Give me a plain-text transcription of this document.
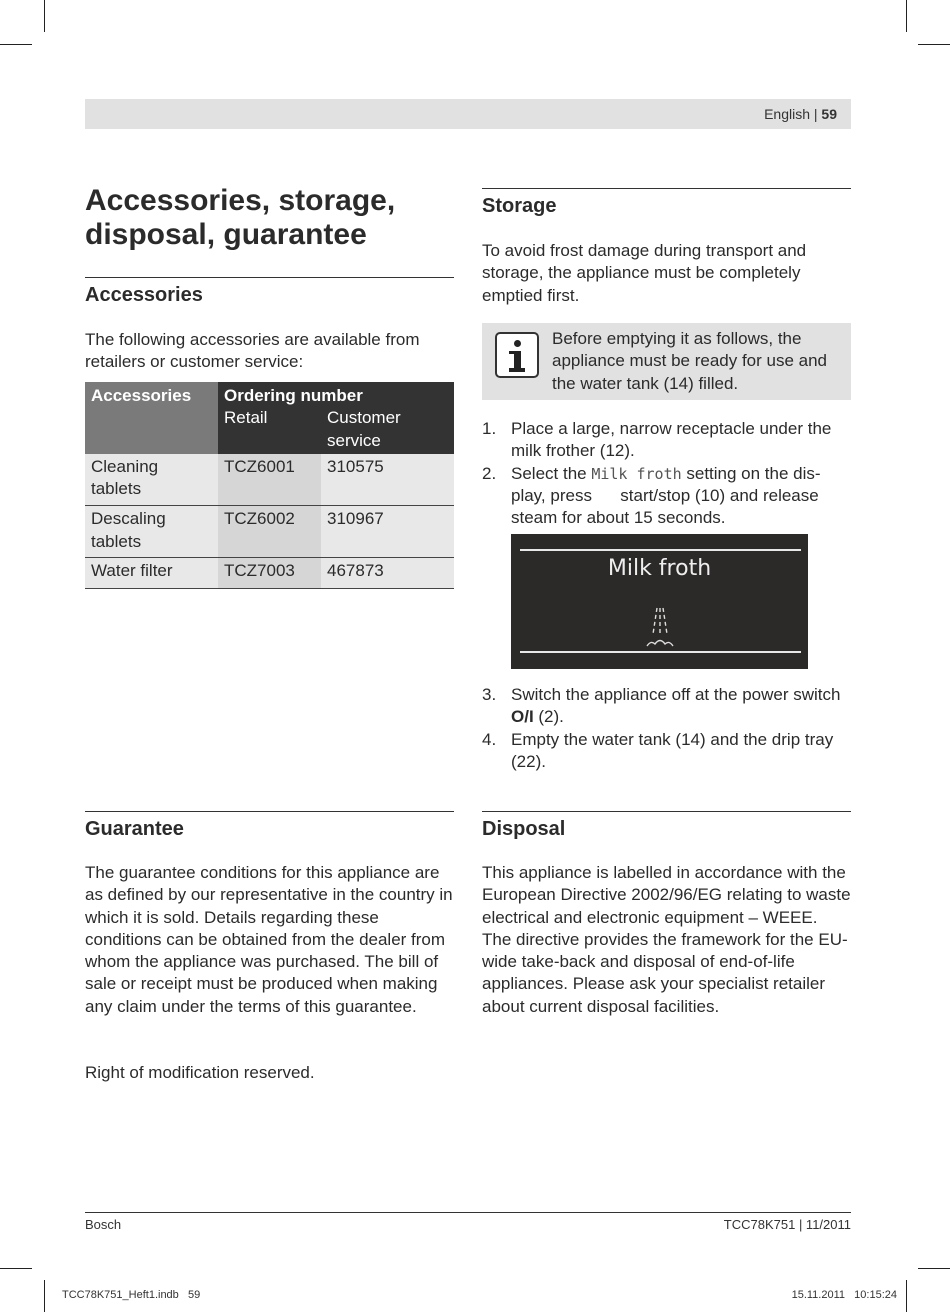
English | 59
Accessories, storage, disposal, guarantee
Accessories

The following accessories are available from retailers or customer service:

Accessories	Ordering number	
	Retail	Customer service
Cleaning tablets	TCZ6001	310575
Descaling tablets	TCZ6002	310967
Water filter	TCZ7003	467873
Storage

To avoid frost damage during transport and storage, the appliance must be completely emptied first.

Before emptying it as follows, the appliance must be ready for use and the water tank (14) filled.
1. Place a large, narrow receptacle under the milk frother (12).
2. Select the Milk froth setting on the dis-play, press      start/stop (10) and release steam for about 15 seconds.
Milk froth
3. Switch the appliance off at the power switch O/I (2).
4. Empty the water tank (14) and the drip tray (22).
Guarantee

The guarantee conditions for this appliance are as defined by our representative in the country in which it is sold. Details regarding these conditions can be obtained from the dealer from whom the appliance was purchased. The bill of sale or receipt must be produced when making any claim under the terms of this guarantee.

Right of modification reserved.

Disposal

This appliance is labelled in accordance with the European Directive 2002/96/EG relating to waste electrical and electronic equipment – WEEE. The directive provides the framework for the EU-wide take-back and disposal of end-of-life appliances. Please ask your specialist retailer about current disposal facilities.

Bosch	TCC78K751 | 11/2011
TCC78K751_Heft1.indb   59	15.11.2011   10:15:24
